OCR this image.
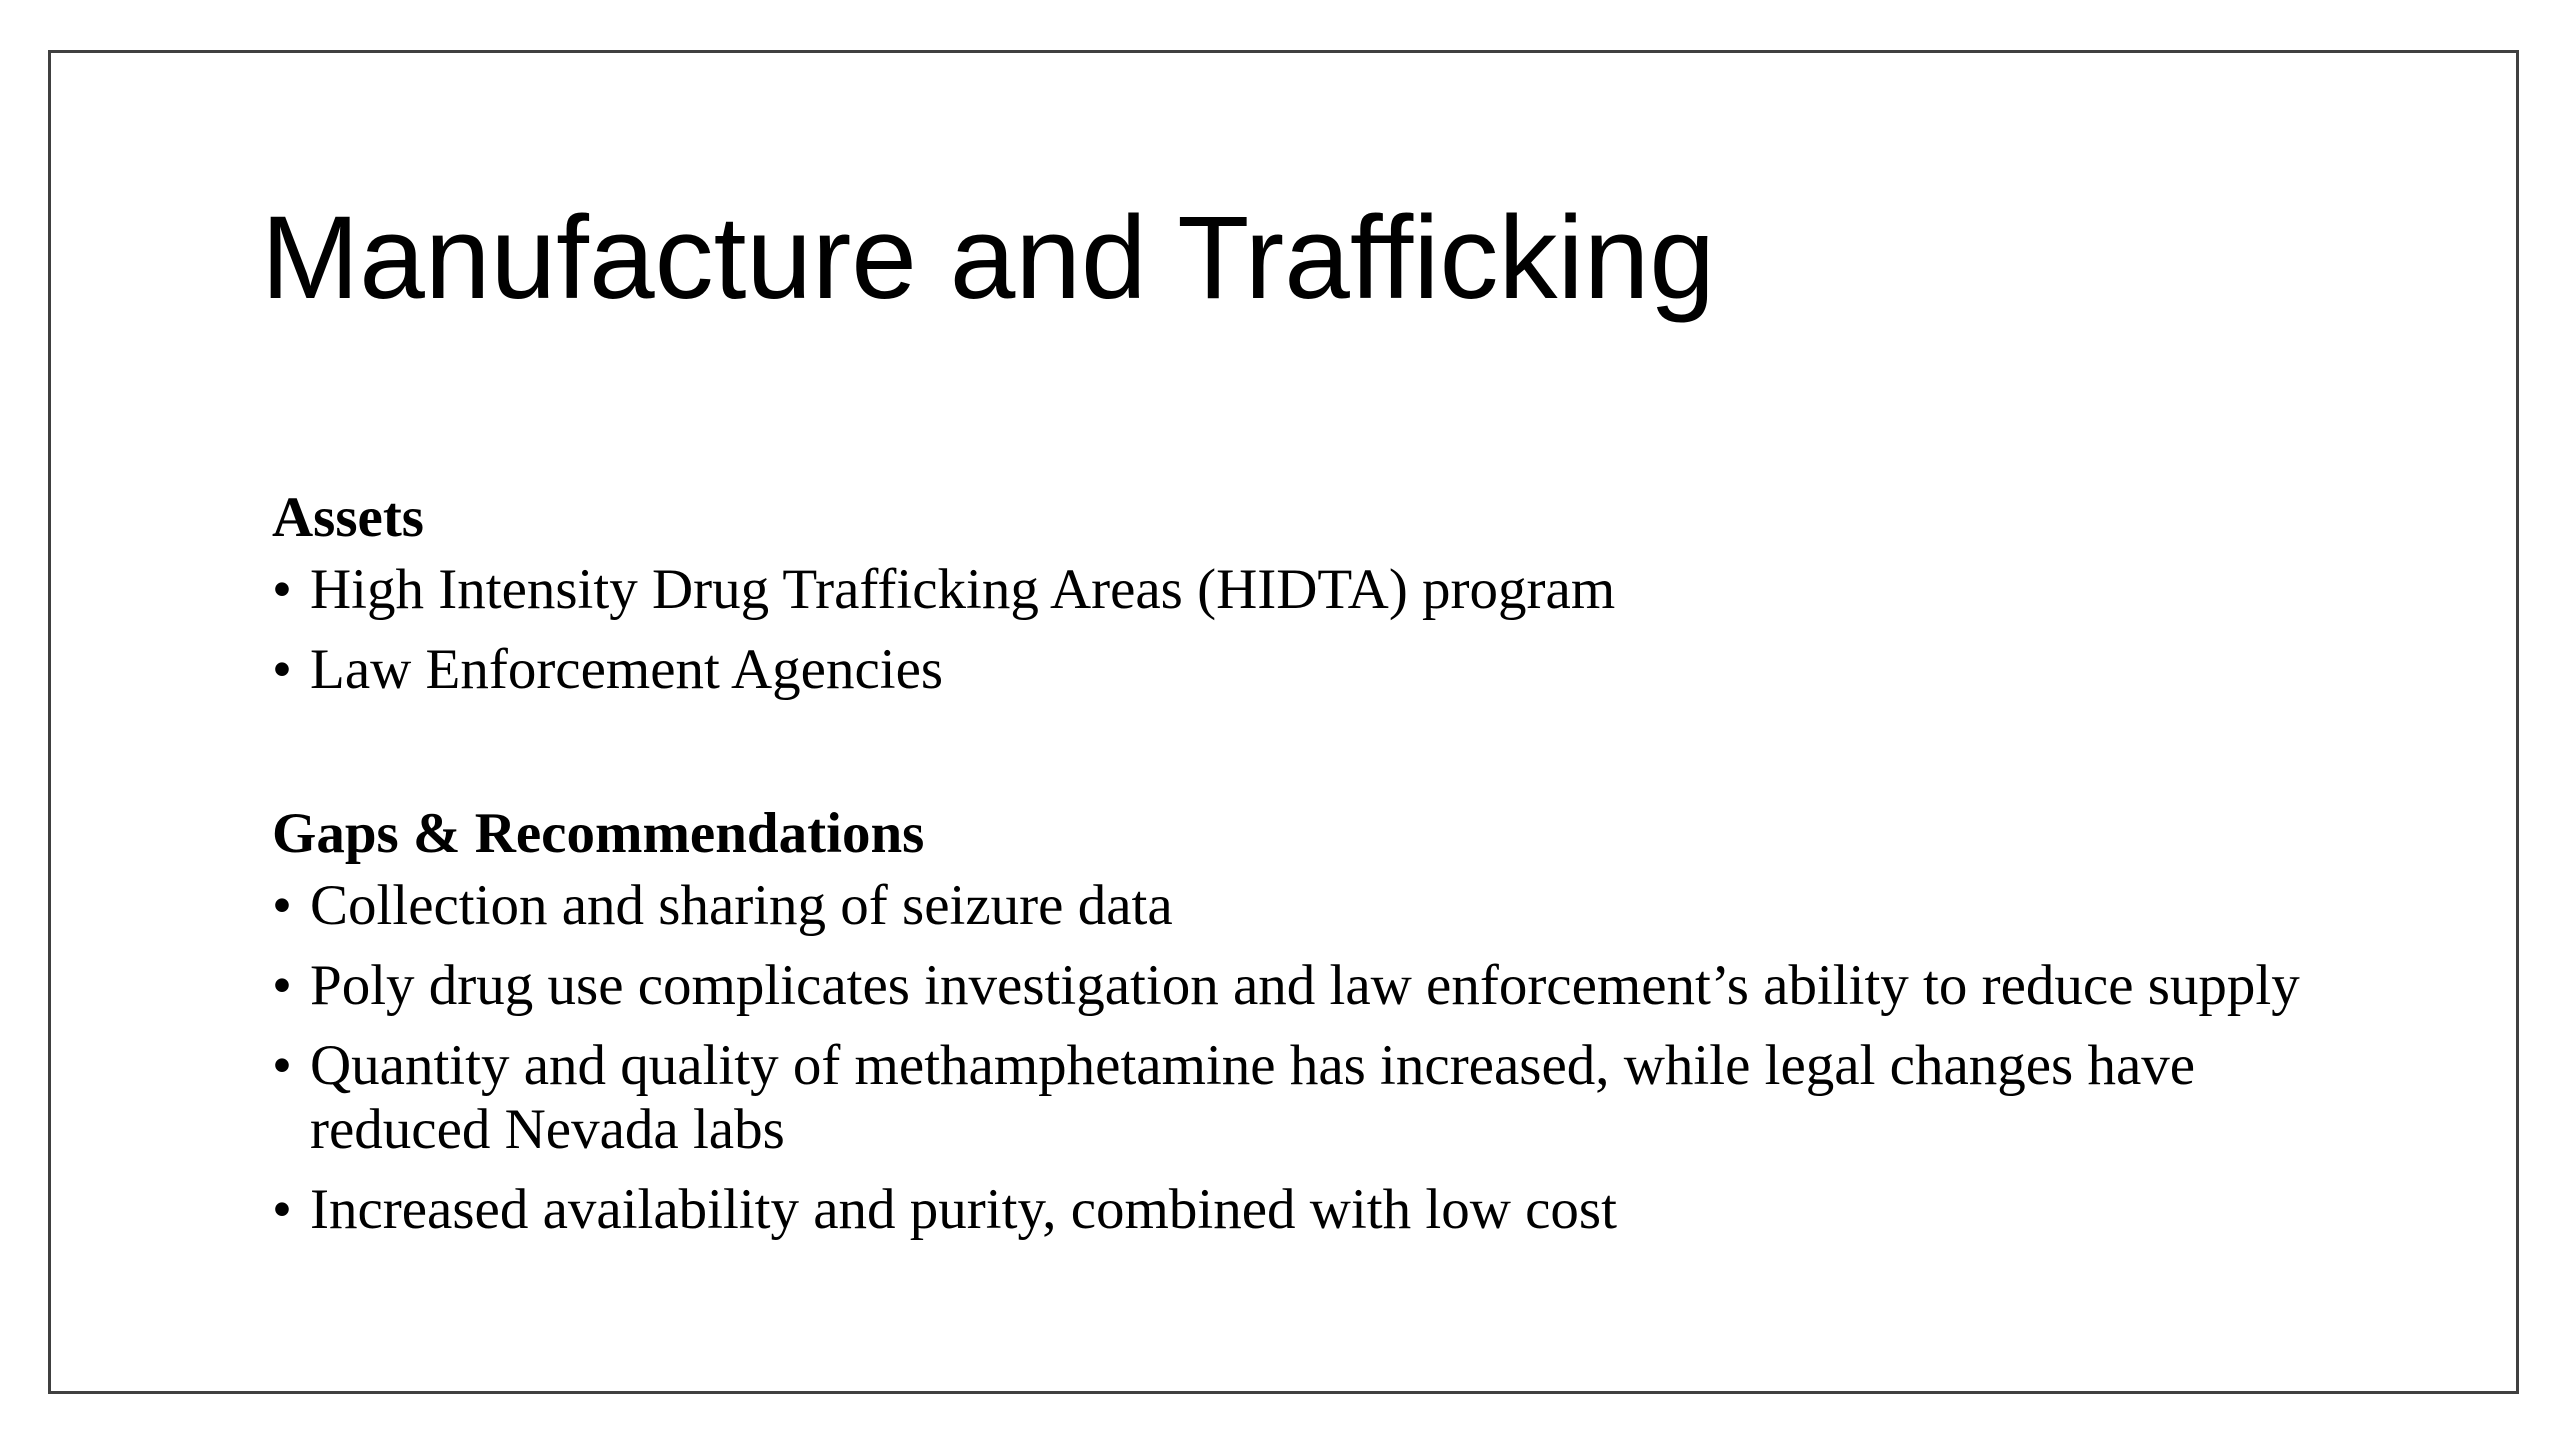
Manufacture and Trafficking

Assets

• High Intensity Drug Trafficking Areas (HIDTA) program
• Law Enforcement Agencies

Gaps & Recommendations

• Collection and sharing of seizure data
• Poly drug use complicates investigation and law enforcement’s ability to reduce supply
• Quantity and quality of methamphetamine has increased, while legal changes have reduced Nevada labs
• Increased availability and purity, combined with low cost
